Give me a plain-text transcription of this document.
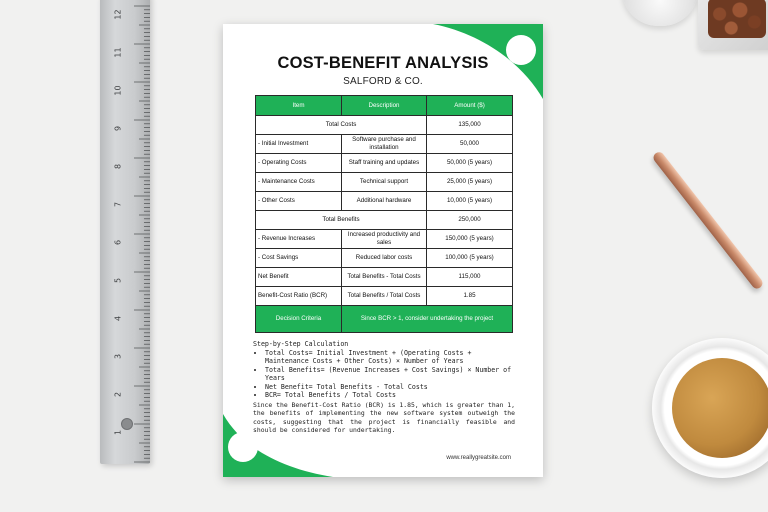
12
11
10
9
8
7
6
5
4
3
2
1
COST-BENEFIT ANALYSIS
SALFORD & CO.
Item	Description	Amount ($)
Total Costs		135,000
- Initial Investment	Software purchase and installation	50,000
- Operating Costs	Staff training and updates	50,000 (5 years)
- Maintenance Costs	Technical support	25,000 (5 years)
- Other Costs	Additional hardware	10,000 (5 years)
Total Benefits		250,000
- Revenue Increases	Increased productivity and sales	150,000 (5 years)
- Cost Savings	Reduced labor costs	100,000 (5 years)
Net Benefit	Total Benefits - Total Costs	115,000
Benefit-Cost Ratio (BCR)	Total Benefits / Total Costs	1.85
Decision Criteria	Since BCR > 1, consider undertaking the project	
Step-by-Step Calculation
• Total Costs= Initial Investment + (Operating Costs + Maintenance Costs + Other Costs) × Number of Years
• Total Benefits= (Revenue Increases + Cost Savings) × Number of Years
• Net Benefit= Total Benefits - Total Costs
• BCR= Total Benefits / Total Costs
Since the Benefit-Cost Ratio (BCR) is 1.85, which is greater than 1, the benefits of implementing the new software system outweigh the costs, suggesting that the project is financially feasible and should be considered for undertaking.
www.reallygreatsite.com
